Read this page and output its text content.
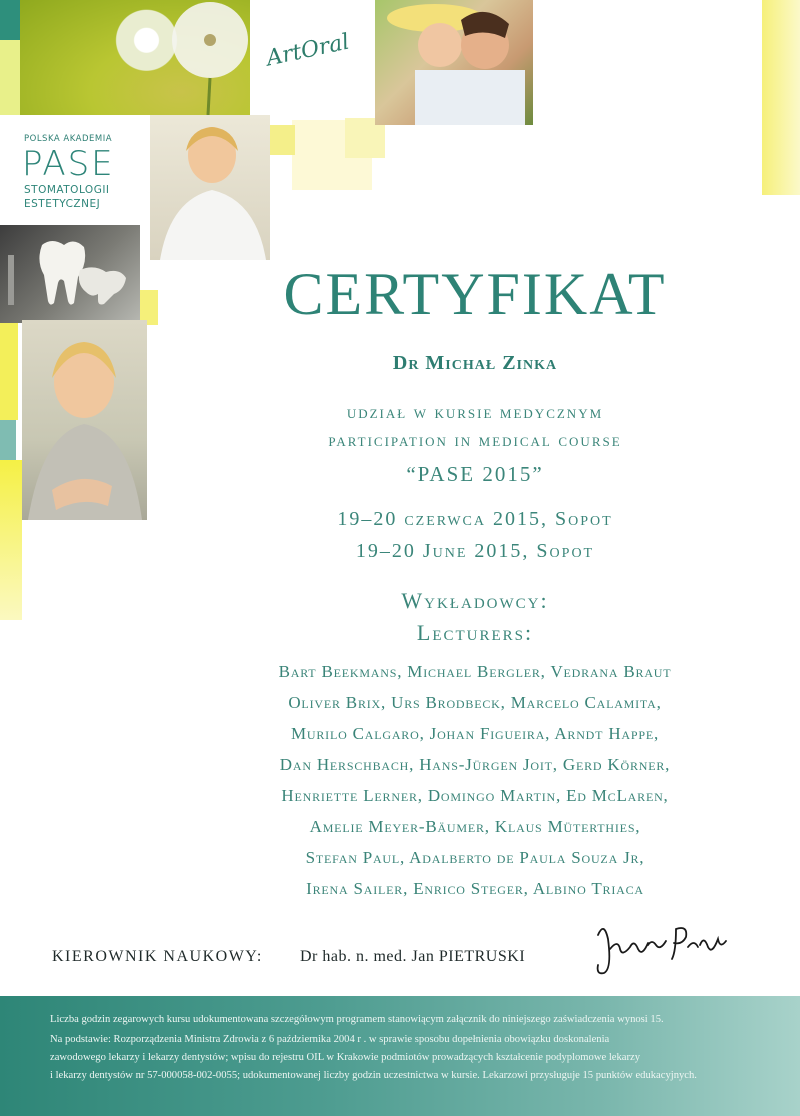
ArtOral
POLSKA AKADEMIA
PASE
STOMATOLOGII
ESTETYCZNEJ
CERTYFIKAT
Dr Michał Zinka
udział w kursie medycznym
participation in medical course
“PASE 2015”
19–20 czerwca 2015, Sopot
19–20 June 2015, Sopot
Wykładowcy:
Lecturers:
Bart Beekmans, Michael Bergler, Vedrana Braut
Oliver Brix, Urs Brodbeck, Marcelo Calamita,
Murilo Calgaro, Johan Figueira, Arndt Happe,
Dan Herschbach, Hans-Jürgen Joit, Gerd Körner,
Henriette Lerner, Domingo Martin, Ed McLaren,
Amelie Meyer-Bäumer, Klaus Müterthies,
Stefan Paul, Adalberto de Paula Souza Jr,
Irena Sailer, Enrico Steger, Albino Triaca
KIEROWNIK NAUKOWY: Dr hab. n. med. Jan PIETRUSKI
Liczba godzin zegarowych kursu udokumentowana szczegółowym programem stanowiącym załącznik do niniejszego zaświadczenia wynosi 15.
Na podstawie: Rozporządzenia Ministra Zdrowia z 6 października 2004 r . w sprawie sposobu dopełnienia obowiązku doskonalenia
zawodowego lekarzy i lekarzy dentystów; wpisu do rejestru OIL w Krakowie podmiotów prowadzących kształcenie podyplomowe lekarzy
i lekarzy dentystów nr 57-000058-002-0055; udokumentowanej liczby godzin uczestnictwa w kursie. Lekarzowi przysługuje 15 punktów edukacyjnych.
